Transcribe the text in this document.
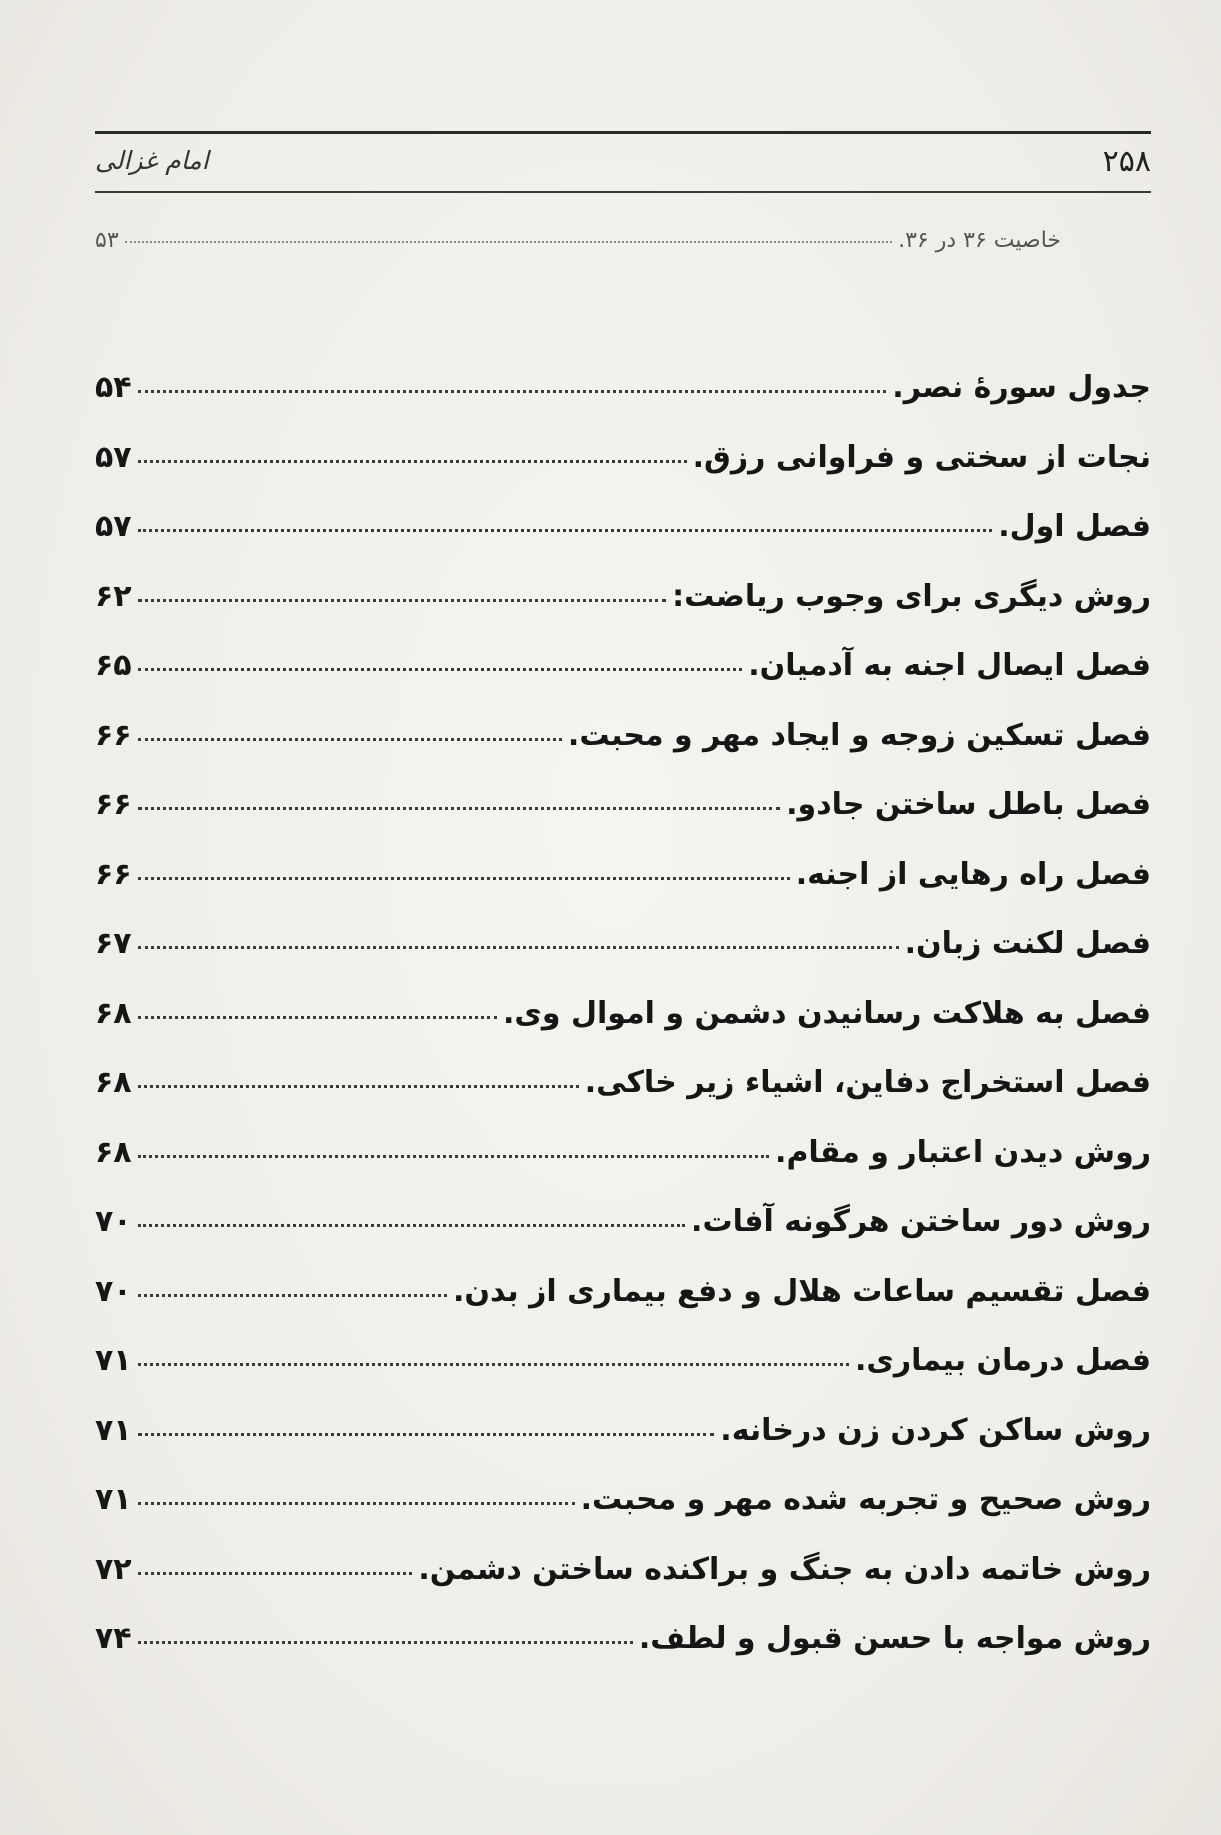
۲۵۸
امام غزالی
خاصیت ۳۶ در ۳۶.
۵۳
جدول سورهٔ نصر.
۵۴
نجات از سختی و فراوانی رزق.
۵۷
فصل اول.
۵۷
روش دیگری برای وجوب ریاضت:
۶۲
فصل ایصال اجنه به آدمیان.
۶۵
فصل تسکین زوجه و ایجاد مهر و محبت.
۶۶
فصل باطل ساختن جادو.
۶۶
فصل راه رهایی از اجنه.
۶۶
فصل لکنت زبان.
۶۷
فصل به هلاکت رسانیدن دشمن و اموال وی.
۶۸
فصل استخراج دفاین، اشیاء زیر خاکی.
۶۸
روش دیدن اعتبار و مقام.
۶۸
روش دور ساختن هرگونه آفات.
۷۰
فصل تقسیم ساعات هلال و دفع بیماری از بدن.
۷۰
فصل درمان بیماری.
۷۱
روش ساکن کردن زن درخانه.
۷۱
روش صحیح و تجربه شده مهر و محبت.
۷۱
روش خاتمه دادن به جنگ و براکنده ساختن دشمن.
۷۲
روش مواجه با حسن قبول و لطف.
۷۴
